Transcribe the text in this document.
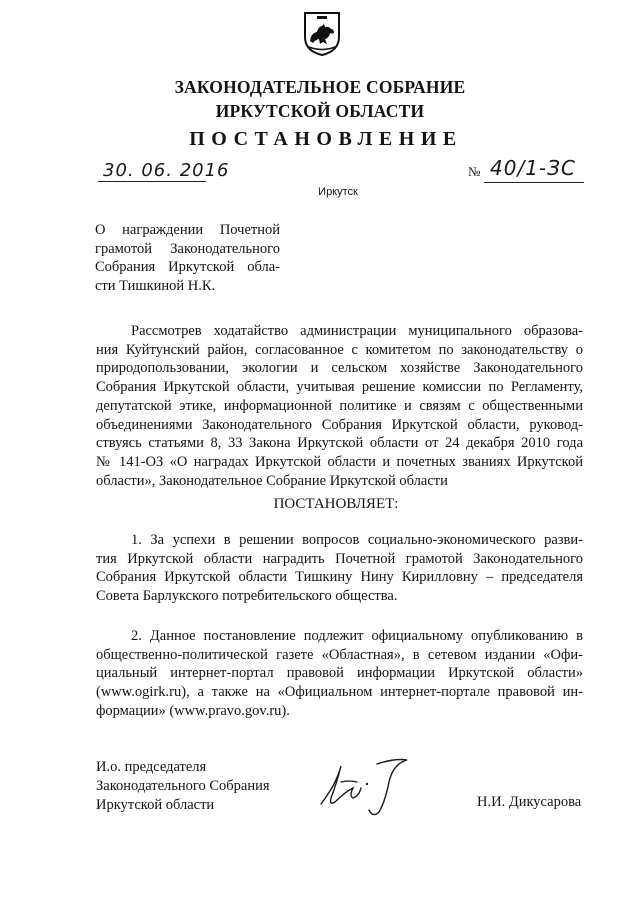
ЗАКОНОДАТЕЛЬНОЕ СОБРАНИЕ
ИРКУТСКОЙ ОБЛАСТИ
ПОСТАНОВЛЕНИЕ
30. 06. 2016	№ 40/1-ЗС
Иркутск
О награждении Почетной
грамотой Законодательного
Собрания Иркутской обла-
сти Тишкиной Н.К.
Рассмотрев ходатайство администрации муниципального образова-
ния Куйтунский район, согласованное с комитетом по законодательству о
природопользовании, экологии и сельском хозяйстве Законодательного
Собрания Иркутской области, учитывая решение комиссии по Регламенту,
депутатской этике, информационной политике и связям с общественными
объединениями Законодательного Собрания Иркутской области, руковод-
ствуясь статьями 8, 33 Закона Иркутской области от 24 декабря 2010 года
№ 141-ОЗ «О наградах Иркутской области и почетных званиях Иркутской
области», Законодательное Собрание Иркутской области
ПОСТАНОВЛЯЕТ:
1. За успехи в решении вопросов социально-экономического разви-
тия Иркутской области наградить Почетной грамотой Законодательного
Собрания Иркутской области Тишкину Нину Кирилловну – председателя
Совета Барлукского потребительского общества.
2. Данное постановление подлежит официальному опубликованию в
общественно-политической газете «Областная», в сетевом издании «Офи-
циальный интернет-портал правовой информации Иркутской области»
(www.ogirk.ru), а также на «Официальном интернет-портале правовой ин-
формации» (www.pravo.gov.ru).
И.о. председателя
Законодательного Собрания
Иркутской области	Н.И. Дикусарова
